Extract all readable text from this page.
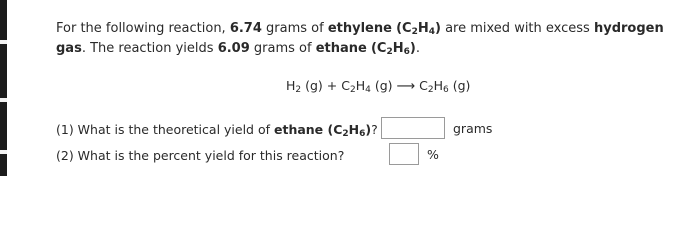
For the following reaction, 6.74 grams of ethylene $(C_2H_4)$ are mixed with excess hydrogen gas. The reaction yields 6.09 grams of ethane $(C_2H_6)$.
$H_2$ $(g) + C_2H_4$ (g) ⟶ $C_2H_6$ (g)
(1) What is the theoretical yield of ethane $(C_2H_6)$?	grams
(2) What is the percent yield for this reaction?	%
